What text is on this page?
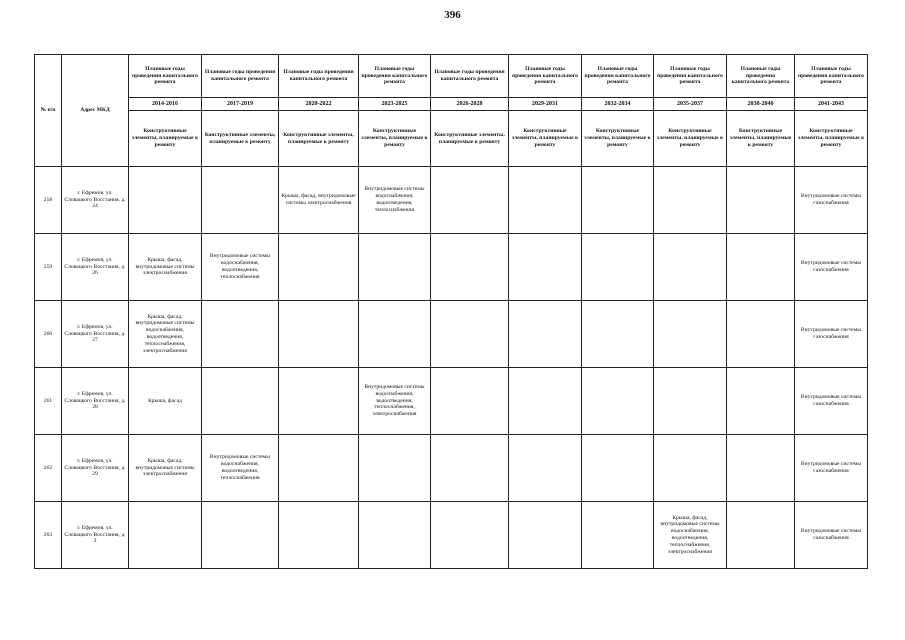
396
№ п/п	Адрес МКД	Плановые годы проведения капитального ремонта	Плановые годы проведения капитального ремонта	Плановые годы проведения капитального ремонта	Плановые годы проведения капитального ремонта	Плановые годы проведения капитального ремонта	Плановые годы проведения капитального ремонта	Плановые годы проведения капитального ремонта	Плановые годы проведения капитального ремонта	Плановые годы проведения капитального ремонта	Плановые годы проведения капитального ремонта
		2014-2016	2017-2019	2020-2022	2023-2025	2026-2028	2029-2031	2032-2034	2035-2037	2038-2040	2041-2043
		Конструктивные элементы, планируемые к ремонту	Конструктивные элементы, планируемые к ремонту	Конструктивные элементы, планируемые к ремонту	Конструктивные элементы, планируемые к ремонту	Конструктивные элементы, планируемые к ремонту	Конструктивные элементы, планируемые к ремонту	Конструктивные элементы, планируемые к ремонту	Конструктивные элементы, планируемые к ремонту	Конструктивные элементы, планируемые к ремонту	Конструктивные элементы, планируемые к ремонту
258	г. Ефремов, ул. Словацкого Восстания, д. 24			Крыша, фасад, внутридомовые системы электроснабжения	Внутридомовые системы водоснабжения, водоотведения, теплоснабжения						Внутридомовые системы газоснабжения
259	г. Ефремов, ул. Словацкого Восстания, д. 26	Крыша, фасад, внутридомовые системы электроснабжения	Внутридомовые системы водоснабжения, водоотведения, теплоснабжения								Внутридомовые системы газоснабжения
260	г. Ефремов, ул. Словацкого Восстания, д. 27	Крыша, фасад, внутридомовые системы водоснабжения, водоотведения, теплоснабжения, электроснабжения									Внутридомовые системы газоснабжения
261	г. Ефремов, ул. Словацкого Восстания, д. 28	Крыша, фасад			Внутридомовые системы водоснабжения, водоотведения, теплоснабжения, электроснабжения						Внутридомовые системы газоснабжения
262	г. Ефремов, ул. Словацкого Восстания, д. 29	Крыша, фасад, внутридомовые системы электроснабжения	Внутридомовые системы водоснабжения, водоотведения, теплоснабжения								Внутридомовые системы газоснабжения
263	г. Ефремов, ул. Словацкого Восстания, д. 3								Крыша, фасад, внутридомовые системы водоснабжения, водоотведения, теплоснабжения, электроснабжения		Внутридомовые системы газоснабжения
